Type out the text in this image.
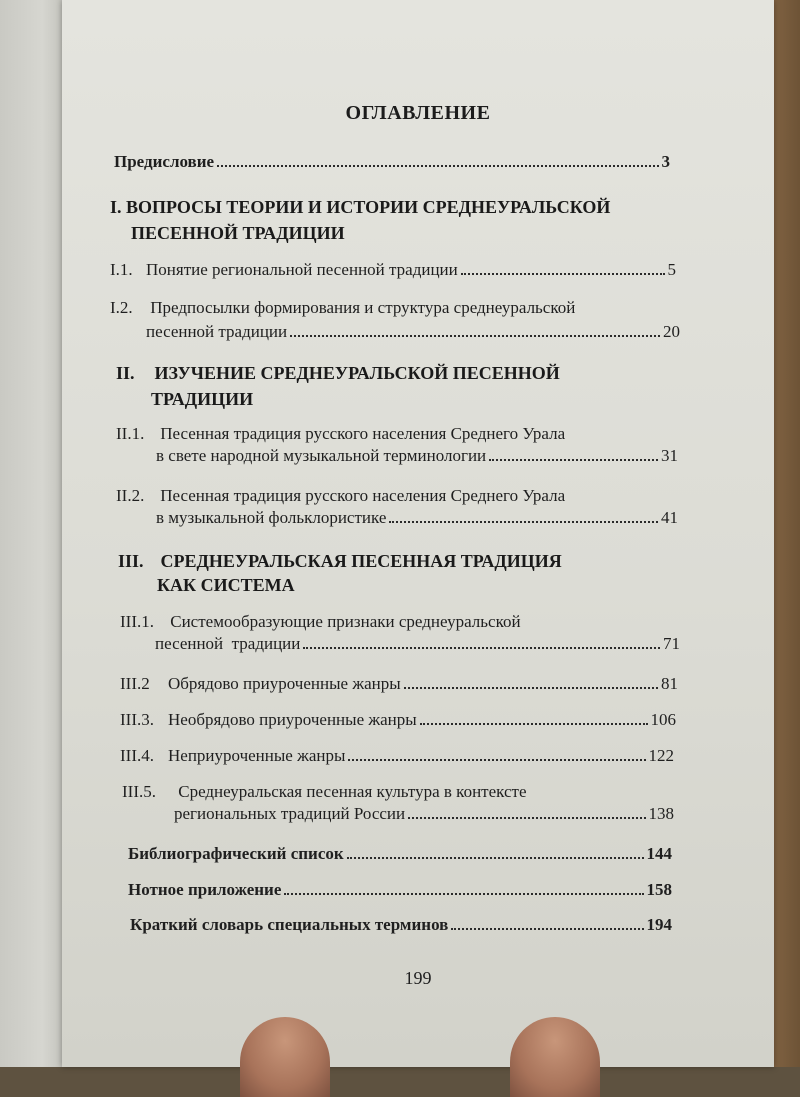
ОГЛАВЛЕНИЕ
Предисловие	3
I. ВОПРОСЫ ТЕОРИИ И ИСТОРИИ СРЕДНЕУРАЛЬСКОЙ
ПЕСЕННОЙ ТРАДИЦИИ
I.1. Понятие региональной песенной традиции	5
I.2. Предпосылки формирования и структура среднеуральской
песенной традиции	20
II. ИЗУЧЕНИЕ СРЕДНЕУРАЛЬСКОЙ ПЕСЕННОЙ
ТРАДИЦИИ
II.1. Песенная традиция русского населения Среднего Урала
в свете народной музыкальной терминологии	31
II.2. Песенная традиция русского населения Среднего Урала
в музыкальной фольклористике	41
III. СРЕДНЕУРАЛЬСКАЯ ПЕСЕННАЯ ТРАДИЦИЯ
КАК СИСТЕМА
III.1. Системообразующие признаки среднеуральской
песенной  традиции	71
III.2	Обрядово приуроченные жанры	81
III.3. Необрядово приуроченные жанры	106
III.4. Неприуроченные жанры	122
III.5. Среднеуральская песенная культура в контексте
региональных традиций России	138
Библиографический список	144
Нотное приложение	158
Краткий словарь специальных терминов	194
199
